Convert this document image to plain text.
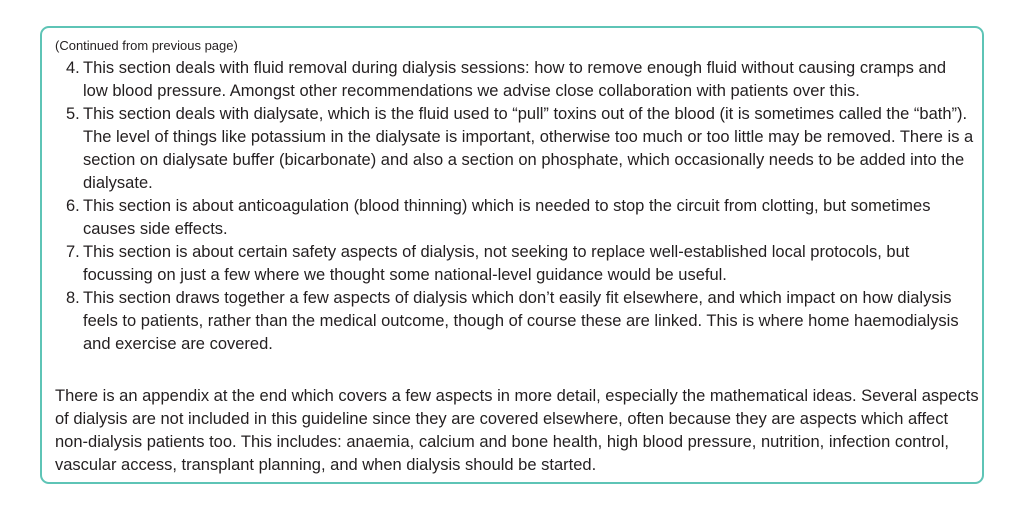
(Continued from previous page)
4. This section deals with fluid removal during dialysis sessions: how to remove enough fluid without causing cramps and low blood pressure. Amongst other recommendations we advise close collaboration with patients over this.
5. This section deals with dialysate, which is the fluid used to “pull” toxins out of the blood (it is sometimes called the “bath”). The level of things like potassium in the dialysate is important, otherwise too much or too little may be removed. There is a section on dialysate buffer (bicarbonate) and also a section on phosphate, which occasionally needs to be added into the dialysate.
6. This section is about anticoagulation (blood thinning) which is needed to stop the circuit from clotting, but sometimes causes side effects.
7. This section is about certain safety aspects of dialysis, not seeking to replace well-established local protocols, but focussing on just a few where we thought some national-level guidance would be useful.
8. This section draws together a few aspects of dialysis which don’t easily fit elsewhere, and which impact on how dialysis feels to patients, rather than the medical outcome, though of course these are linked. This is where home haemodialysis and exercise are covered.
There is an appendix at the end which covers a few aspects in more detail, especially the mathematical ideas. Several aspects of dialysis are not included in this guideline since they are covered elsewhere, often because they are aspects which affect non-dialysis patients too. This includes: anaemia, calcium and bone health, high blood pressure, nutrition, infection control, vascular access, transplant planning, and when dialysis should be started.
